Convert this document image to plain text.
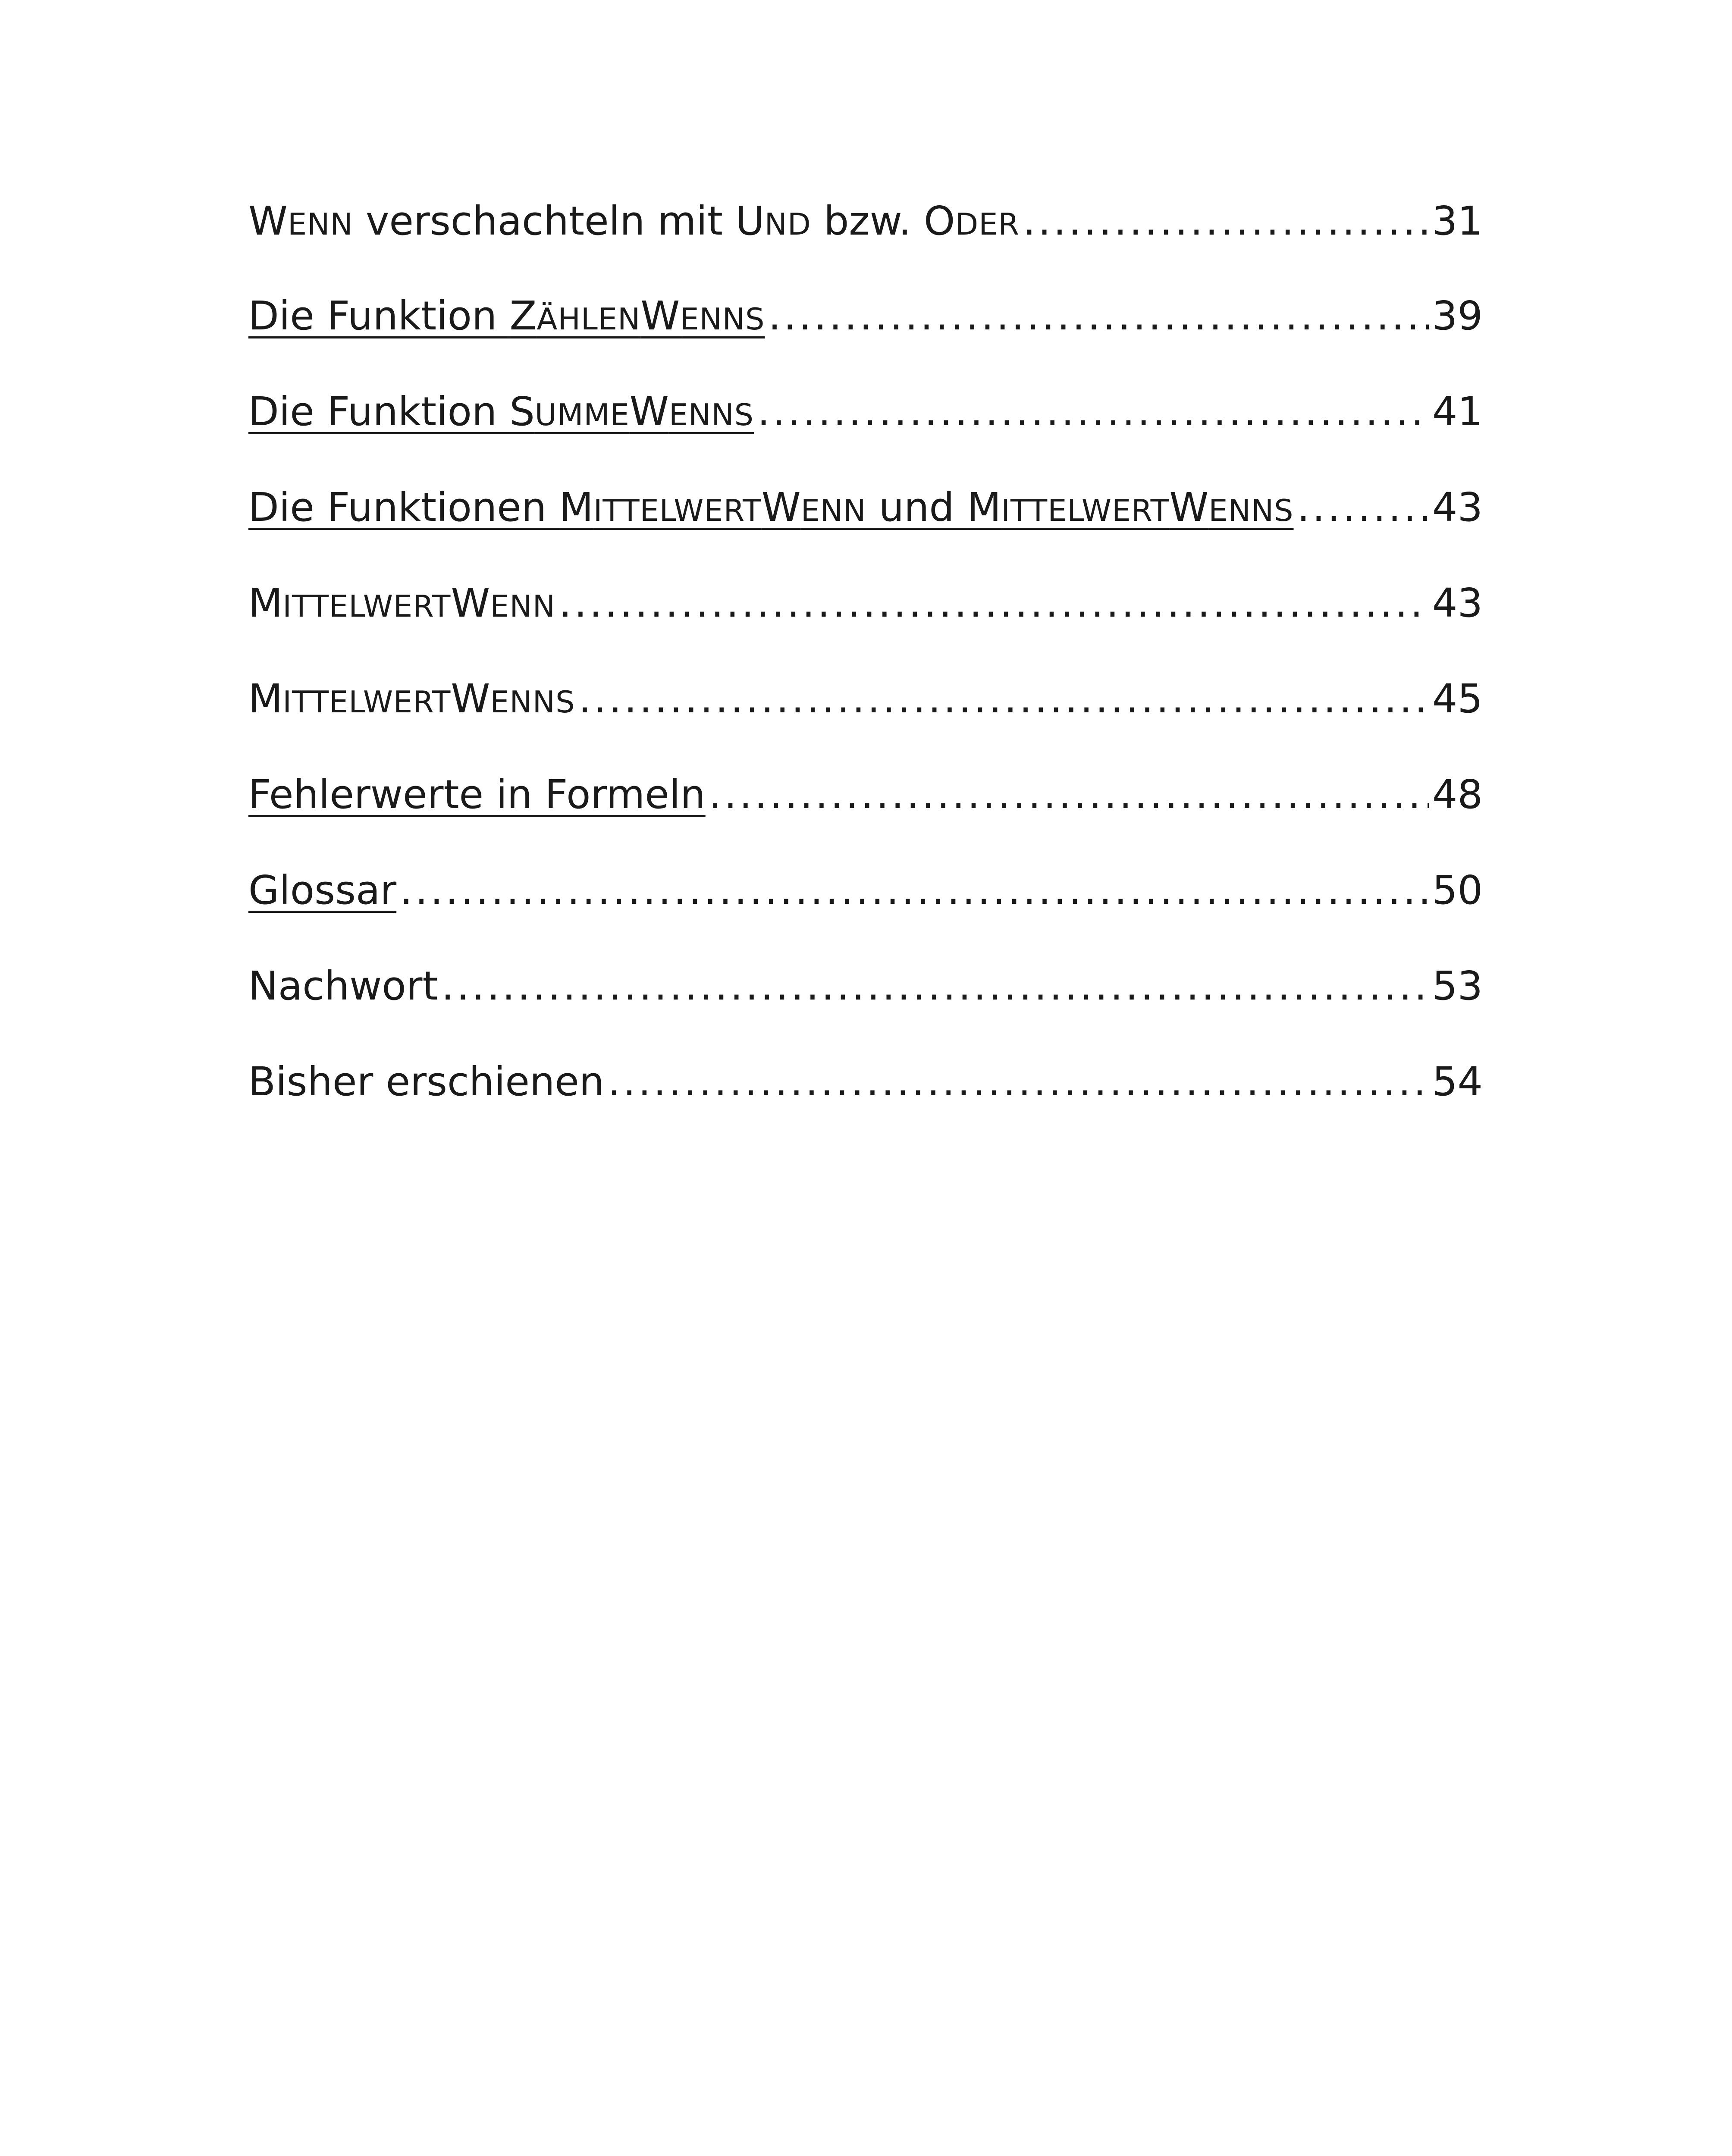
WENN verschachteln mit UND bzw. ODER .....	31
Die Funktion ZÄHLENWENNS .....	39
Die Funktion SUMMEWENNS .....	41
Die Funktionen MITTELWERTWENN und MITTELWERTWENNS .....	43
MITTELWERTWENN .....	43
MITTELWERTWENNS .....	45
Fehlerwerte in Formeln .....	48
Glossar .....	50
Nachwort .....	53
Bisher erschienen .....	54
